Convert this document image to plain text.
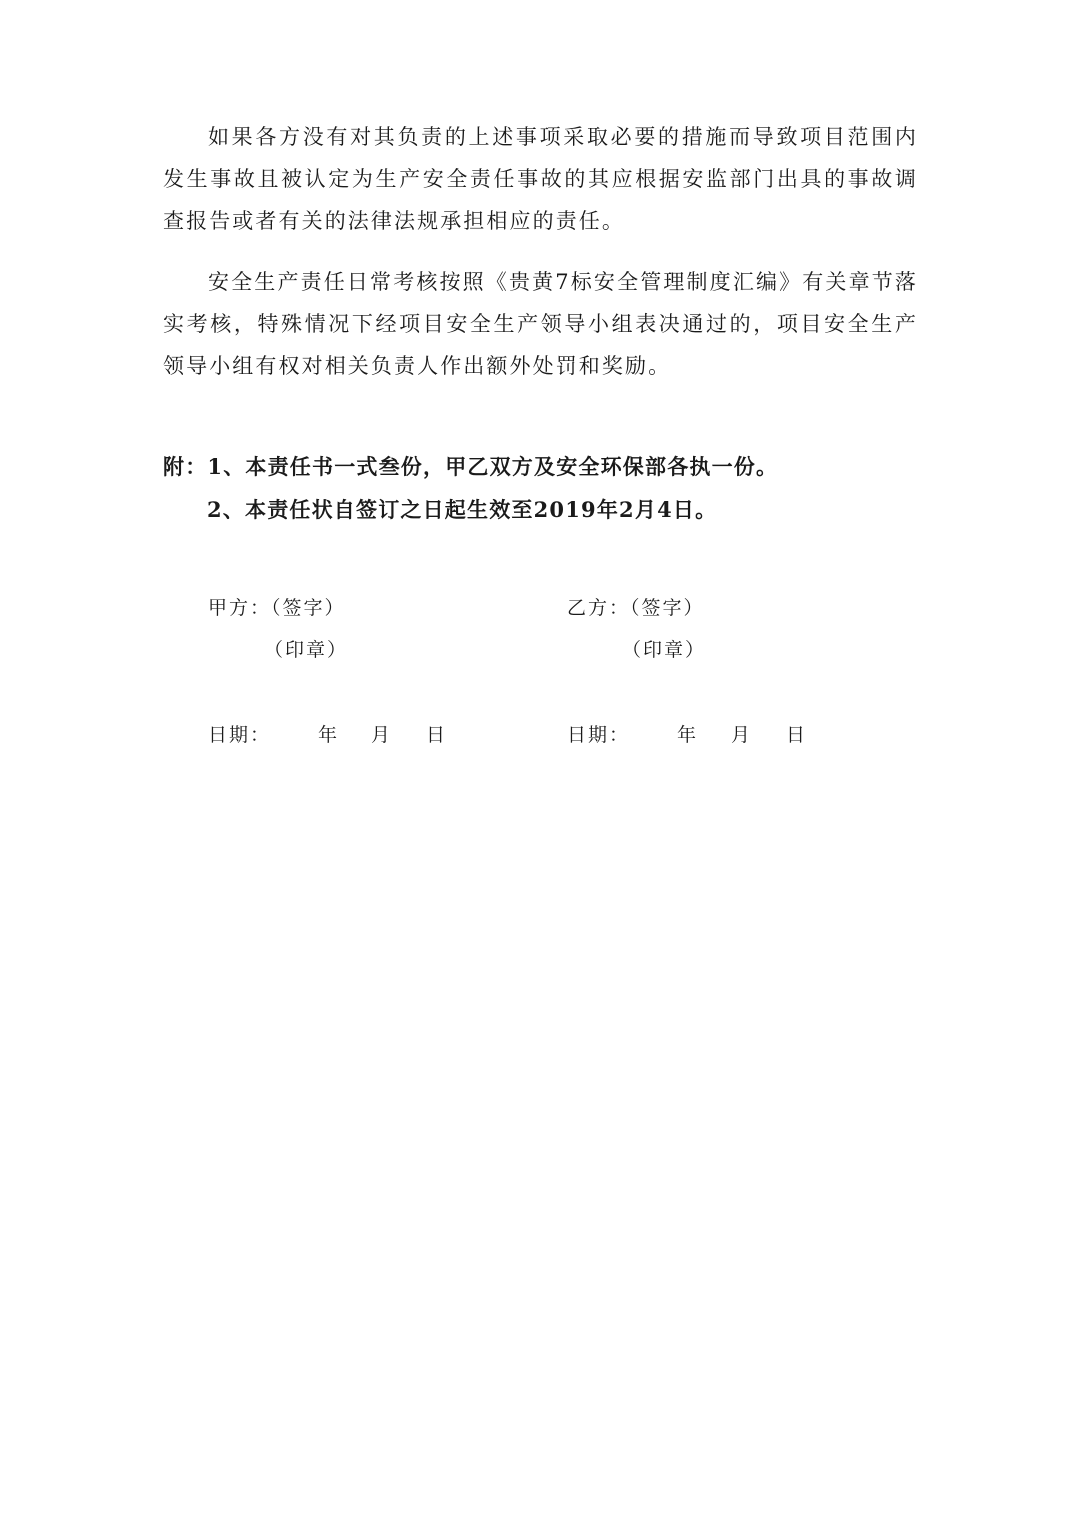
如果各方没有对其负责的上述事项采取必要的措施而导致项目范围内发生事故且被认定为生产安全责任事故的其应根据安监部门出具的事故调查报告或者有关的法律法规承担相应的责任。

安全生产责任日常考核按照《贵黄7标安全管理制度汇编》有关章节落实考核，特殊情况下经项目安全生产领导小组表决通过的，项目安全生产领导小组有权对相关负责人作出额外处罚和奖励。

附：1、本责任书一式叁份，甲乙双方及安全环保部各执一份。

2、本责任状自签订之日起生效至2019年2月4日。

甲方：（签字）
（印章）
日期： 年 月 日
乙方：（签字）
（印章）
日期： 年 月 日
